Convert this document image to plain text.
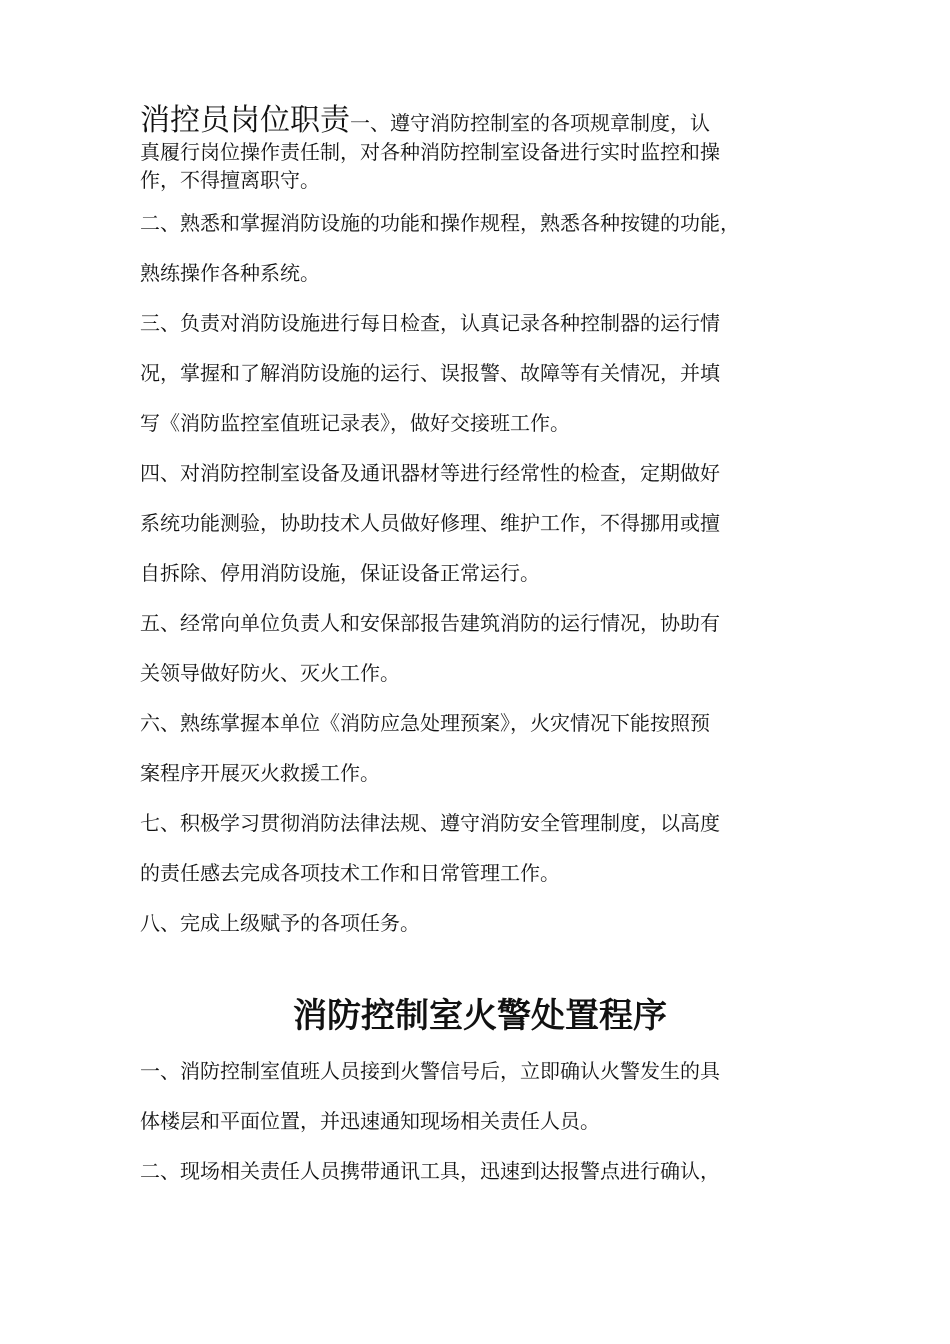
消控员岗位职责一、遵守消防控制室的各项规章制度，认

真履行岗位操作责任制，对各种消防控制室设备进行实时监控和操

作，不得擅离职守。

二、熟悉和掌握消防设施的功能和操作规程，熟悉各种按键的功能，
熟练操作各种系统。

三、负责对消防设施进行每日检查，认真记录各种控制器的运行情
况，掌握和了解消防设施的运行、误报警、故障等有关情况，并填
写《消防监控室值班记录表》，做好交接班工作。

四、对消防控制室设备及通讯器材等进行经常性的检查，定期做好
系统功能测验，协助技术人员做好修理、维护工作，不得挪用或擅
自拆除、停用消防设施，保证设备正常运行。

五、经常向单位负责人和安保部报告建筑消防的运行情况，协助有
关领导做好防火、灭火工作。

六、熟练掌握本单位《消防应急处理预案》，火灾情况下能按照预
案程序开展灭火救援工作。

七、积极学习贯彻消防法律法规、遵守消防安全管理制度，以高度
的责任感去完成各项技术工作和日常管理工作。

八、完成上级赋予的各项任务。

消防控制室火警处置程序

一、消防控制室值班人员接到火警信号后，立即确认火警发生的具
体楼层和平面位置，并迅速通知现场相关责任人员。

二、现场相关责任人员携带通讯工具，迅速到达报警点进行确认，
